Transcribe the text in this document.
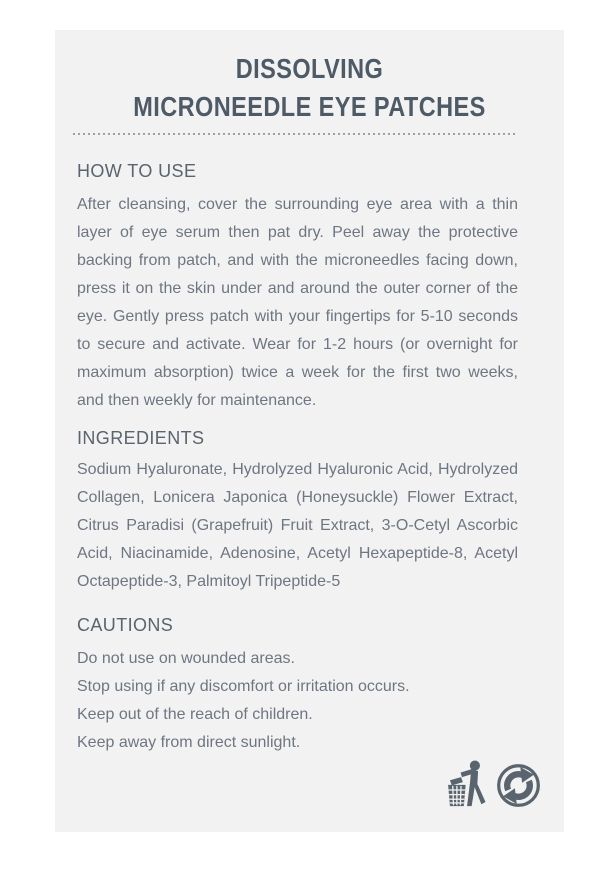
DISSOLVING
MICRONEEDLE EYE PATCHES
HOW TO USE

After cleansing, cover the surrounding eye area with a thin layer of eye serum then pat dry. Peel away the protective backing from patch, and with the microneedles facing down, press it on the skin under and around the outer corner of the eye. Gently press patch with your fingertips for 5-10 seconds to secure and activate. Wear for 1-2 hours (or overnight for maximum absorption) twice a week for the first two weeks, and then weekly for maintenance.

INGREDIENTS

Sodium Hyaluronate, Hydrolyzed Hyaluronic Acid, Hydrolyzed Collagen, Lonicera Japonica (Honeysuckle) Flower Extract, Citrus Paradisi (Grapefruit) Fruit Extract, 3-O-Cetyl Ascorbic Acid, Niacinamide, Adenosine, Acetyl Hexapeptide-8, Acetyl Octapeptide-3, Palmitoyl Tripeptide-5

CAUTIONS

Do not use on wounded areas.

Stop using if any discomfort or irritation occurs.

Keep out of the reach of children.

Keep away from direct sunlight.
